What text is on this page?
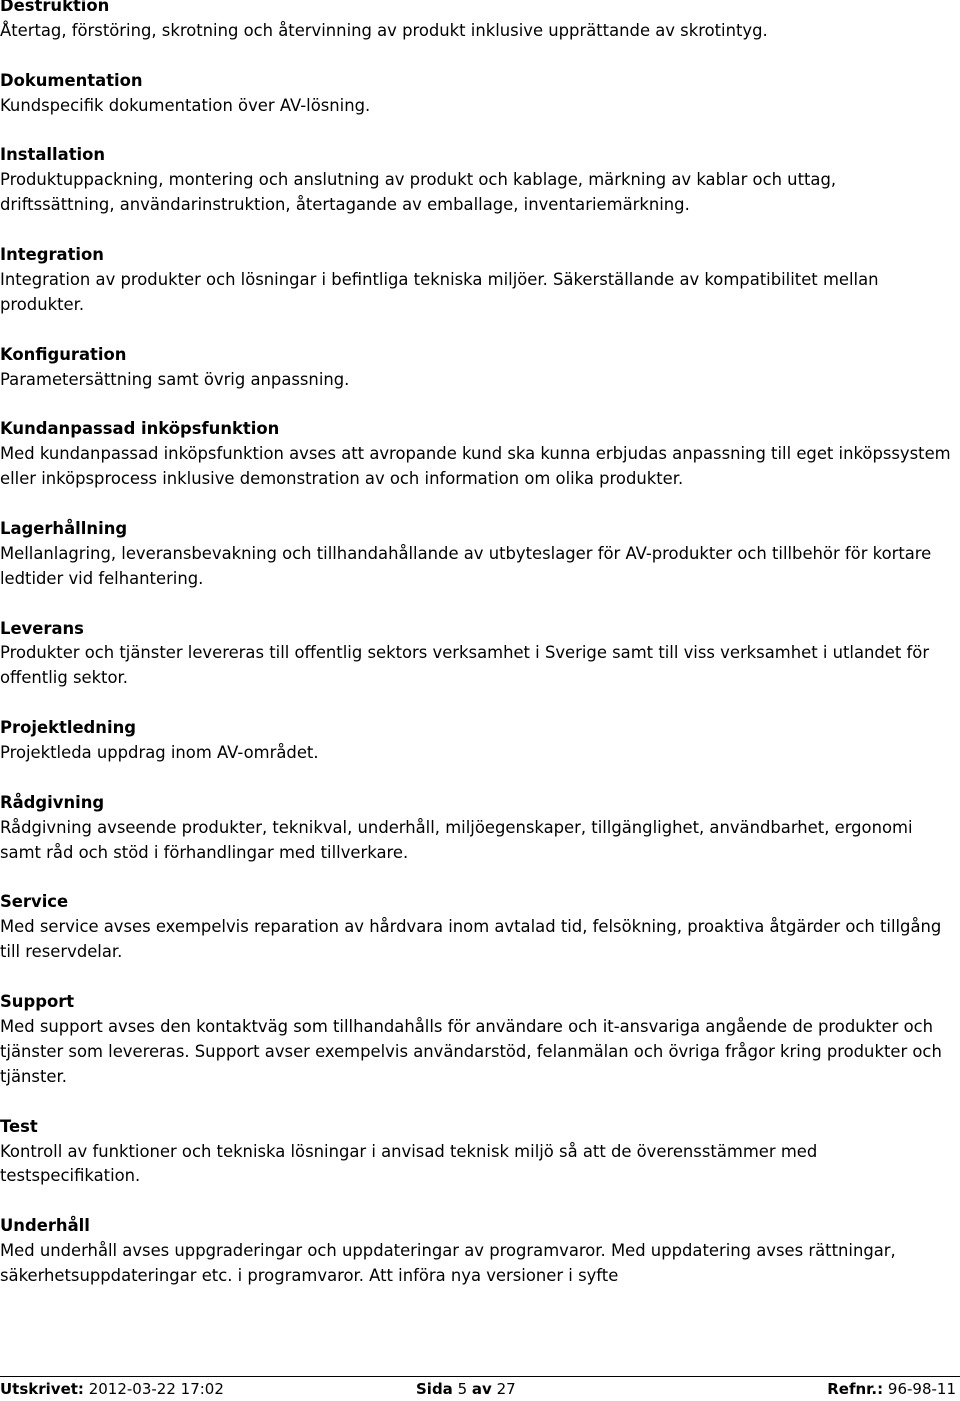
Destruktion

Återtag, förstöring, skrotning och återvinning av produkt inklusive upprättande av skrotintyg.

Dokumentation

Kundspecifik dokumentation över AV-lösning.

Installation

Produktuppackning, montering och anslutning av produkt och kablage, märkning av kablar och uttag, driftssättning, användarinstruktion, återtagande av emballage, inventariemärkning.

Integration

Integration av produkter och lösningar i befintliga tekniska miljöer. Säkerställande av kompatibilitet mellan produkter.

Konfiguration

Parametersättning samt övrig anpassning.

Kundanpassad inköpsfunktion

Med kundanpassad inköpsfunktion avses att avropande kund ska kunna erbjudas anpassning till eget inköpssystem eller inköpsprocess inklusive demonstration av och information om olika produkter.

Lagerhållning

Mellanlagring, leveransbevakning och tillhandahållande av utbyteslager för AV-produkter och tillbehör för kortare ledtider vid felhantering.

Leverans

Produkter och tjänster levereras till offentlig sektors verksamhet i Sverige samt till viss verksamhet i utlandet för offentlig sektor.

Projektledning

Projektleda uppdrag inom AV-området.

Rådgivning

Rådgivning avseende produkter, teknikval, underhåll, miljöegenskaper, tillgänglighet, användbarhet, ergonomi samt råd och stöd i förhandlingar med tillverkare.

Service

Med service avses exempelvis reparation av hårdvara inom avtalad tid, felsökning, proaktiva åtgärder och tillgång till reservdelar.

Support

Med support avses den kontaktväg som tillhandahålls för användare och it-ansvariga angående de produkter och tjänster som levereras. Support avser exempelvis användarstöd, felanmälan och övriga frågor kring produkter och tjänster.

Test

Kontroll av funktioner och tekniska lösningar i anvisad teknisk miljö så att de överensstämmer med testspecifikation.

Underhåll

Med underhåll avses uppgraderingar och uppdateringar av programvaror. Med uppdatering avses rättningar, säkerhetsuppdateringar etc. i programvaror. Att införa nya versioner i syfte

Utskrivet: 2012-03-22 17:02	Sida 5 av 27	Refnr.: 96-98-11
